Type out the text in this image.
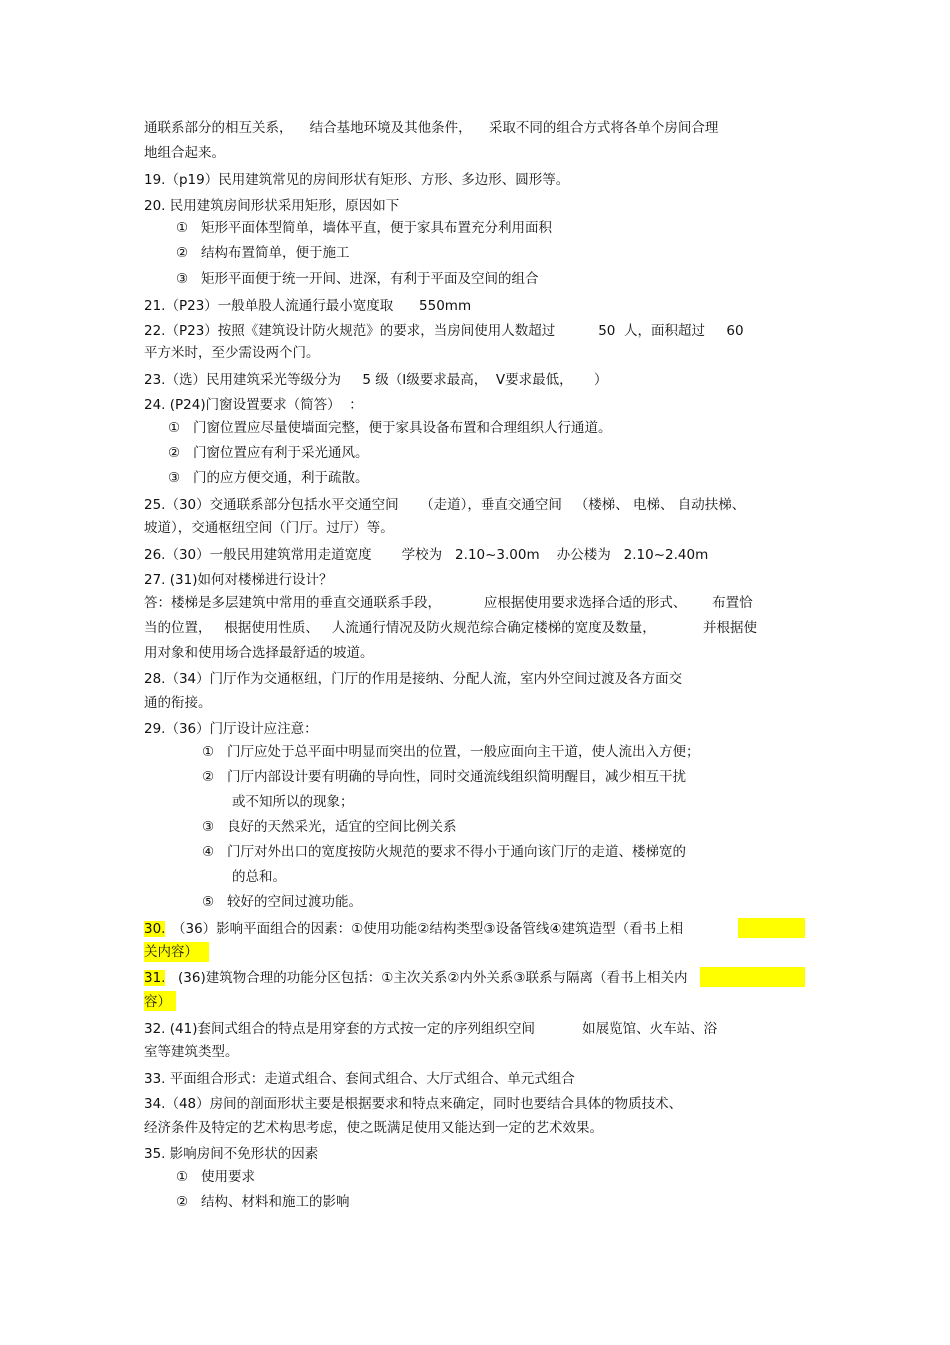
通联系部分的相互关系，    结合基地环境及其他条件，    采取不同的组合方式将各单个房间合理
地组合起来。
19.（p19）民用建筑常见的房间形状有矩形、方形、多边形、圆形等。
20. 民用建筑房间形状采用矩形，原因如下
①   矩形平面体型简单，墙体平直，便于家具布置充分利用面积
②   结构布置简单，便于施工
③   矩形平面便于统一开间、进深，有利于平面及空间的组合
21.（P23）一般单股人流通行最小宽度取      550mm
22.（P23）按照《建筑设计防火规范》的要求，当房间使用人数超过          50  人，面积超过     60
平方米时，至少需设两个门。
23.（选）民用建筑采光等级分为     5 级（Ⅰ级要求最高，  Ⅴ要求最低，     ）
24. (P24)门窗设置要求（简答）  ：
①   门窗位置应尽量使墙面完整，便于家具设备布置和合理组织人行通道。
②   门窗位置应有利于采光通风。
③   门的应方便交通，利于疏散。
25.（30）交通联系部分包括水平交通空间     （走道），垂直交通空间   （楼梯、 电梯、 自动扶梯、
坡道），交通枢纽空间（门厅。过厅）等。
26.（30）一般民用建筑常用走道宽度       学校为   2.10~3.00m    办公楼为   2.10~2.40m
27. (31)如何对楼梯进行设计？
答：楼梯是多层建筑中常用的垂直交通联系手段，          应根据使用要求选择合适的形式、      布置恰
当的位置，   根据使用性质、   人流通行情况及防火规范综合确定楼梯的宽度及数量，           并根据使
用对象和使用场合选择最舒适的坡道。
28.（34）门厅作为交通枢纽，门厅的作用是接纳、分配人流，室内外空间过渡及各方面交
通的衔接。
29.（36）门厅设计应注意：
①   门厅应处于总平面中明显而突出的位置，一般应面向主干道，使人流出入方便；
②   门厅内部设计要有明确的导向性，同时交通流线组织简明醒目，减少相互干扰
或不知所以的现象；
③   良好的天然采光，适宜的空间比例关系
④   门厅对外出口的宽度按防火规范的要求不得小于通向该门厅的走道、楼梯宽的
的总和。
⑤   较好的空间过渡功能。
30. （36）影响平面组合的因素：①使用功能②结构类型③设备管线④建筑造型（看书上相
关内容）
31. (36)建筑物合理的功能分区包括：①主次关系②内外关系③联系与隔离（看书上相关内
容）
32. (41)套间式组合的特点是用穿套的方式按一定的序列组织空间           如展览馆、火车站、浴
室等建筑类型。
33. 平面组合形式：走道式组合、套间式组合、大厅式组合、单元式组合
34.（48）房间的剖面形状主要是根据要求和特点来确定，同时也要结合具体的物质技术、
经济条件及特定的艺术构思考虑，使之既满足使用又能达到一定的艺术效果。
35. 影响房间不免形状的因素
①   使用要求
②   结构、材料和施工的影响
